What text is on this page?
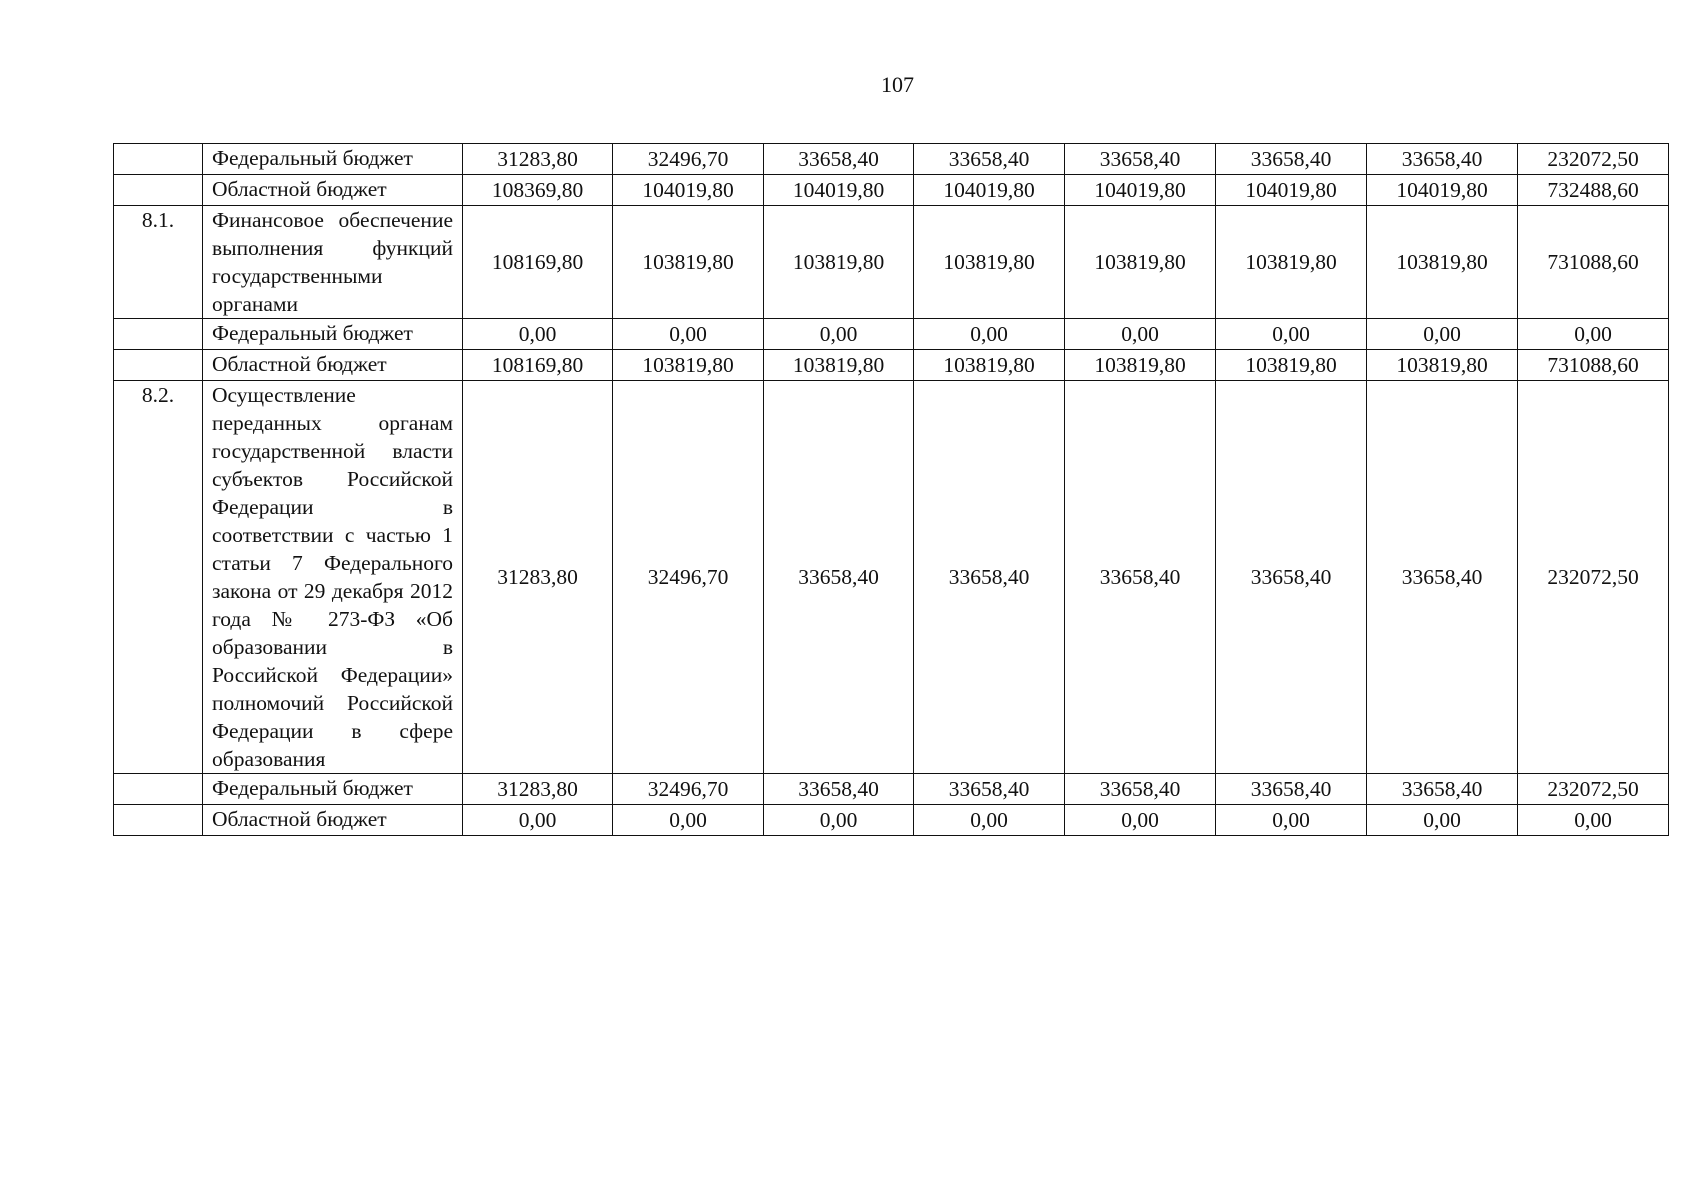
107
	Федеральный бюджет	31283,80	32496,70	33658,40	33658,40	33658,40	33658,40	33658,40	232072,50
	Областной бюджет	108369,80	104019,80	104019,80	104019,80	104019,80	104019,80	104019,80	732488,60
8.1.	Финансовое обеспечение выполнения функций государственными органами	108169,80	103819,80	103819,80	103819,80	103819,80	103819,80	103819,80	731088,60
	Федеральный бюджет	0,00	0,00	0,00	0,00	0,00	0,00	0,00	0,00
	Областной бюджет	108169,80	103819,80	103819,80	103819,80	103819,80	103819,80	103819,80	731088,60
8.2.	Осуществление переданных органам государственной власти субъектов Российской Федерации в соответствии с частью 1 статьи 7 Федерального закона от 29 декабря 2012 года № 273-ФЗ «Об образовании в Российской Федерации» полномочий Российской Федерации в сфере образования	31283,80	32496,70	33658,40	33658,40	33658,40	33658,40	33658,40	232072,50
	Федеральный бюджет	31283,80	32496,70	33658,40	33658,40	33658,40	33658,40	33658,40	232072,50
	Областной бюджет	0,00	0,00	0,00	0,00	0,00	0,00	0,00	0,00
